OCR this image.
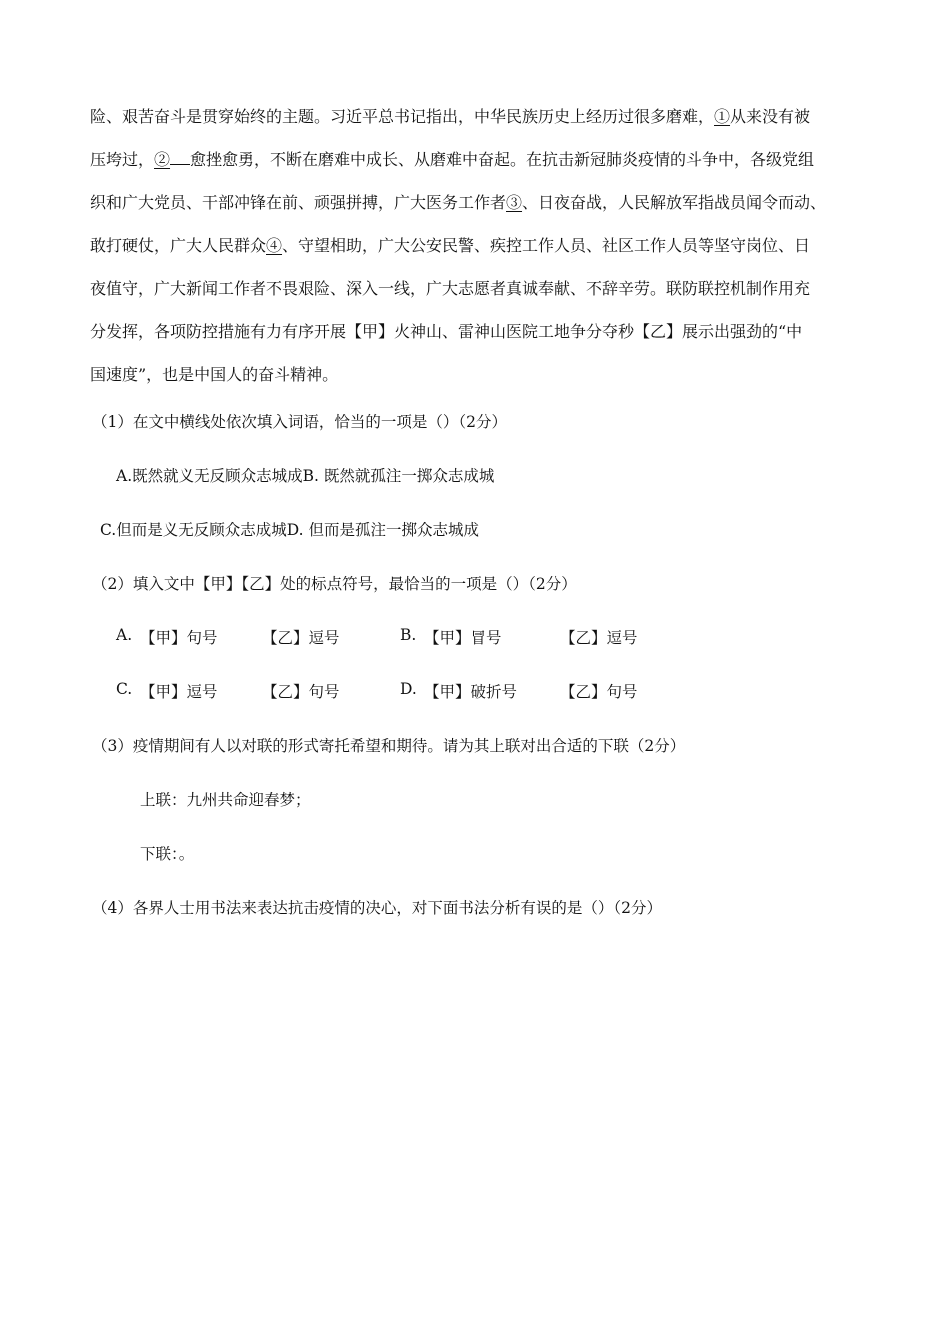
险、艰苦奋斗是贯穿始终的主题。习近平总书记指出，中华民族历史上经历过很多磨难，①从来没有被
压垮过，② 愈挫愈勇，不断在磨难中成长、从磨难中奋起。在抗击新冠肺炎疫情的斗争中，各级党组
织和广大党员、干部冲锋在前、顽强拼搏，广大医务工作者③、日夜奋战，人民解放军指战员闻令而动、
敢打硬仗，广大人民群众④、守望相助，广大公安民警、疾控工作人员、社区工作人员等坚守岗位、日
夜值守，广大新闻工作者不畏艰险、深入一线，广大志愿者真诚奉献、不辞辛劳。联防联控机制作用充
分发挥，各项防控措施有力有序开展【甲】火神山、雷神山医院工地争分夺秒【乙】展示出强劲的“中
国速度”，也是中国人的奋斗精神。
（1）在文中横线处依次填入词语，恰当的一项是（）（2分）
A.既然就义无反顾众志城成B. 既然就孤注一掷众志成城
C.但而是义无反顾众志成城D. 但而是孤注一掷众志城成
（2）填入文中【甲】【乙】处的标点符号，最恰当的一项是（）（2分）
A. 【甲】句号	【乙】逗号	B. 【甲】冒号	【乙】逗号
C. 【甲】逗号	【乙】句号	D. 【甲】破折号	【乙】句号
（3）疫情期间有人以对联的形式寄托希望和期待。请为其上联对出合适的下联（2分）
上联：九州共命迎春梦；
下联：。
（4）各界人士用书法来表达抗击疫情的决心，对下面书法分析有误的是（）（2分）
